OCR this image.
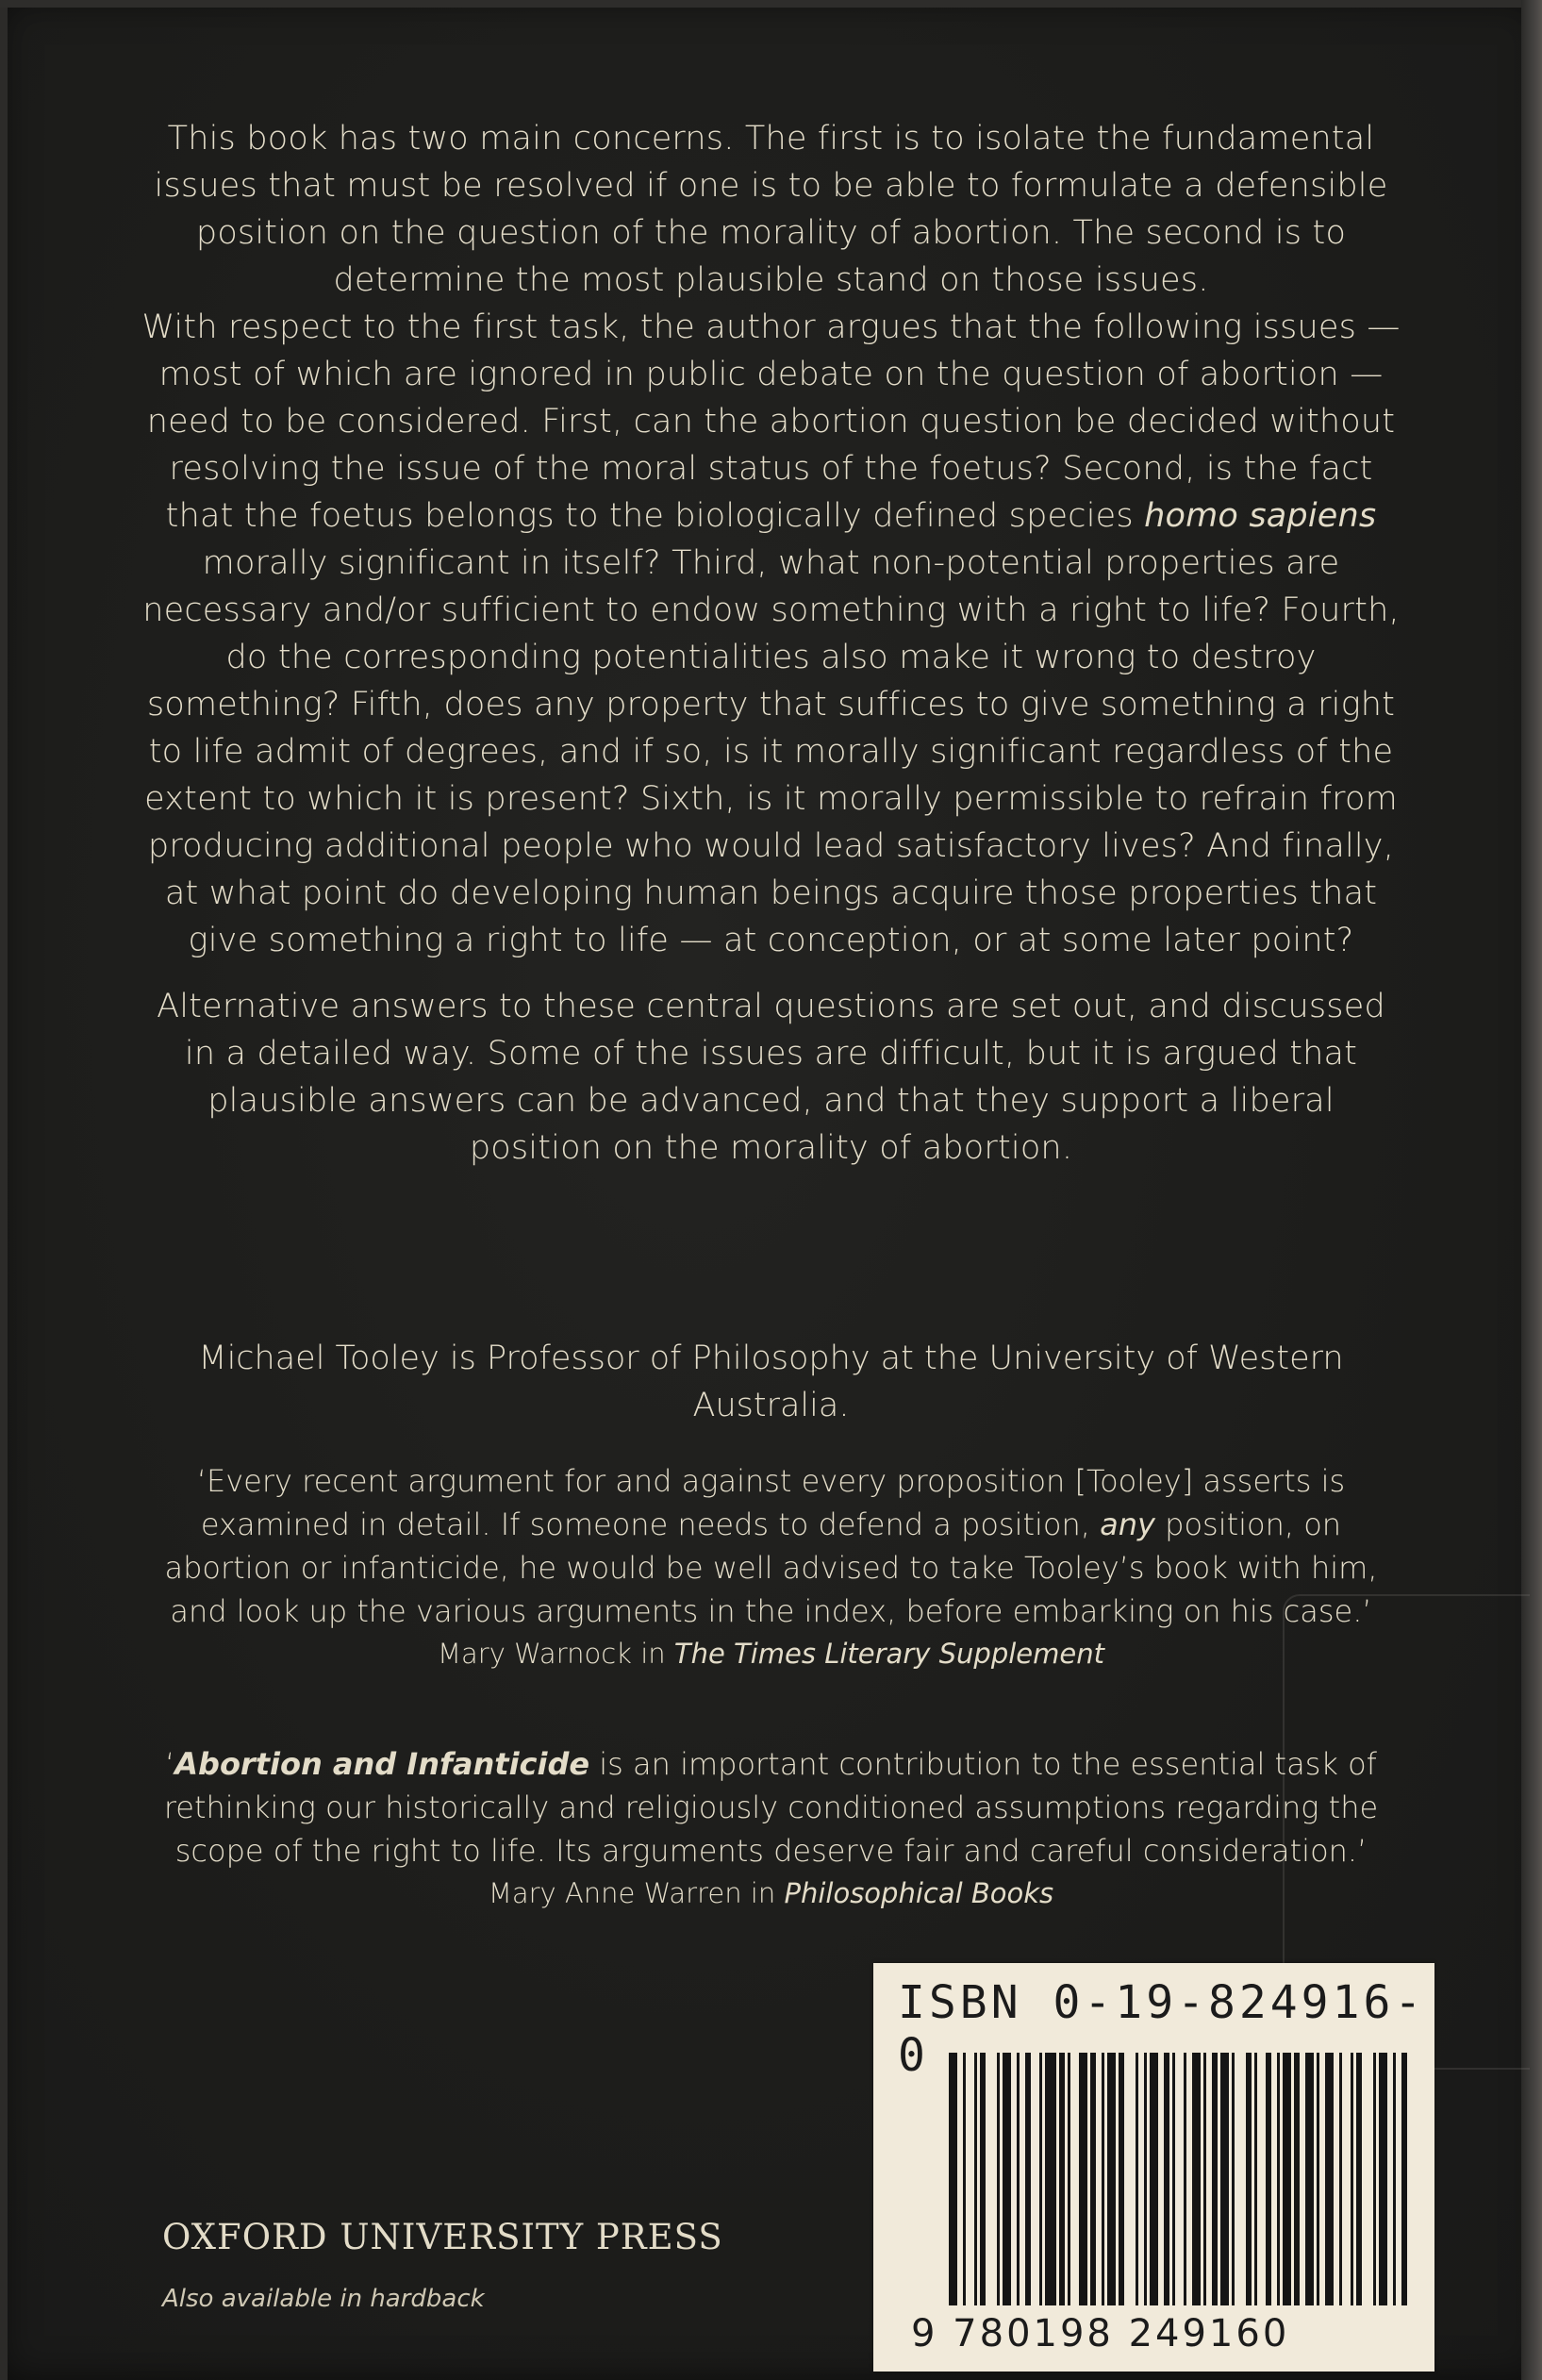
This book has two main concerns. The first is to isolate the fundamental issues that must be resolved if one is to be able to formulate a defensible position on the question of the morality of abortion. The second is to determine the most plausible stand on those issues.

With respect to the first task, the author argues that the following issues — most of which are ignored in public debate on the question of abortion — need to be considered. First, can the abortion question be decided without resolving the issue of the moral status of the foetus? Second, is the fact that the foetus belongs to the biologically defined species homo sapiens morally significant in itself? Third, what non-potential properties are necessary and/or sufficient to endow something with a right to life? Fourth, do the corresponding potentialities also make it wrong to destroy something? Fifth, does any property that suffices to give something a right to life admit of degrees, and if so, is it morally significant regardless of the extent to which it is present? Sixth, is it morally permissible to refrain from producing additional people who would lead satisfactory lives? And finally, at what point do developing human beings acquire those properties that give something a right to life — at conception, or at some later point?

Alternative answers to these central questions are set out, and discussed in a detailed way. Some of the issues are difficult, but it is argued that plausible answers can be advanced, and that they support a liberal position on the morality of abortion.

Michael Tooley is Professor of Philosophy at the University of Western Australia.

‘Every recent argument for and against every proposition [Tooley] asserts is examined in detail. If someone needs to defend a position, any position, on abortion or infanticide, he would be well advised to take Tooley’s book with him, and look up the various arguments in the index, before embarking on his case.’

Mary Warnock in The Times Literary Supplement

‘Abortion and Infanticide is an important contribution to the essential task of rethinking our historically and religiously conditioned assumptions regarding the scope of the right to life. Its arguments deserve fair and careful consideration.’

Mary Anne Warren in Philosophical Books

OXFORD UNIVERSITY PRESS
Also available in hardback
ISBN 0-19-824916-0
9 780198 249160
